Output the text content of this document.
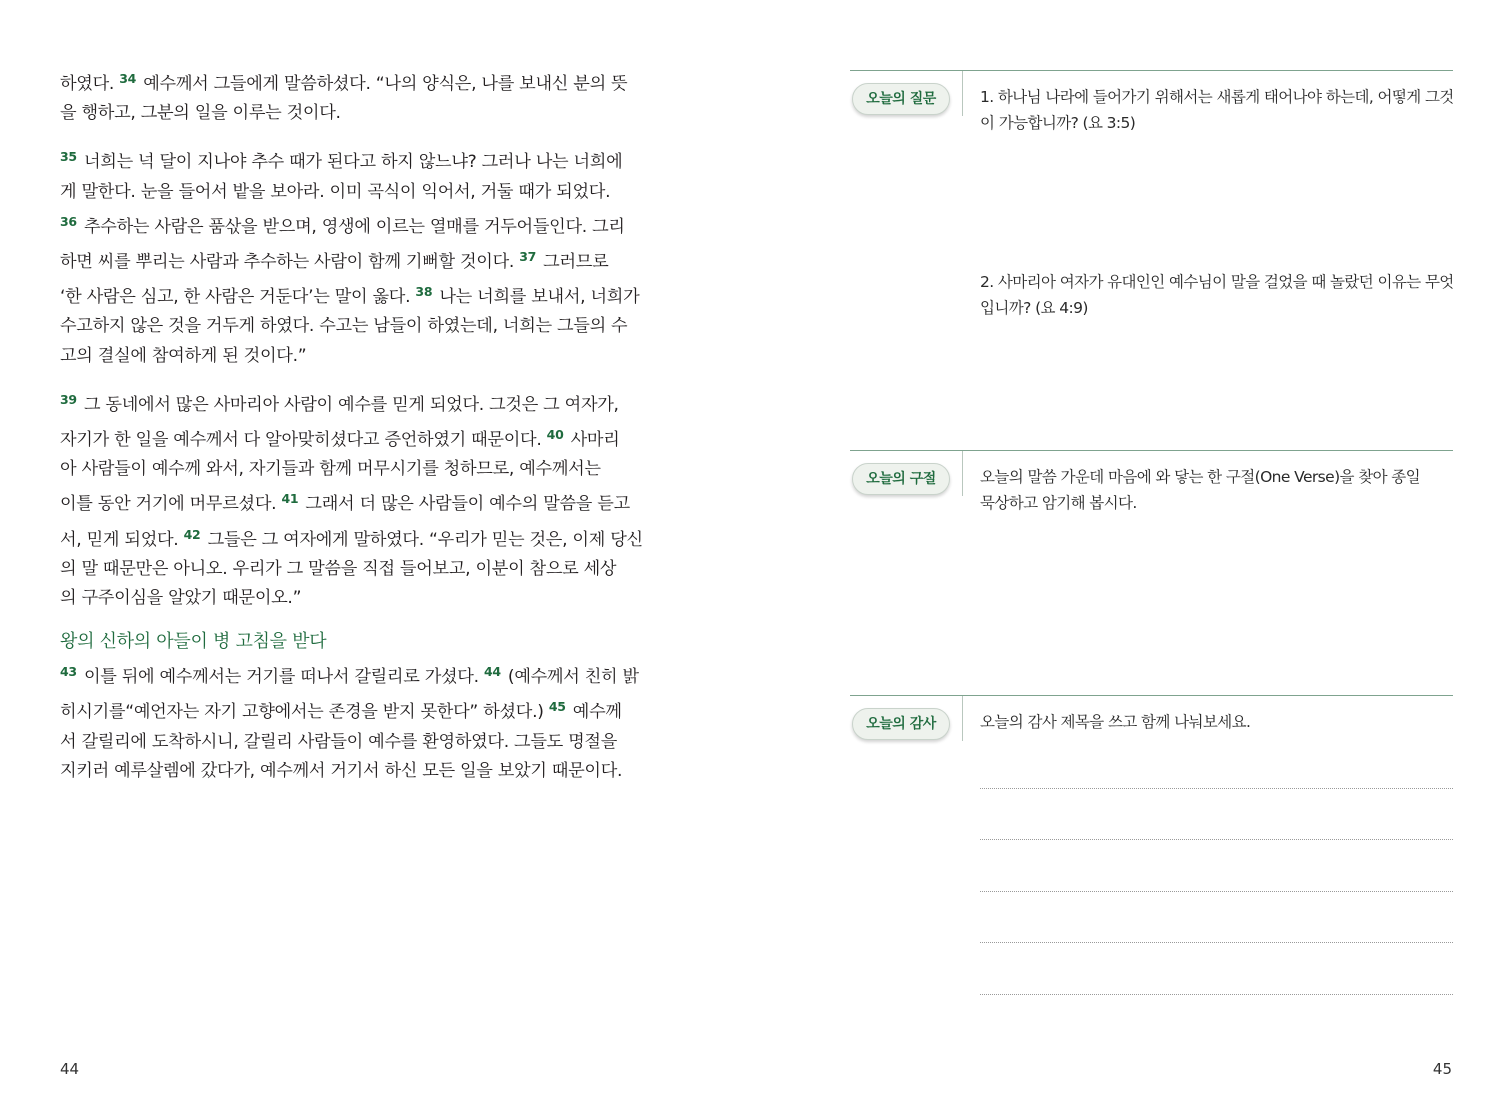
하였다. $^{34}$ 예수께서 그들에게 말씀하셨다. “나의 양식은, 나를 보내신 분의 뜻
을 행하고, 그분의 일을 이루는 것이다.
$^{35}$ 너희는 넉 달이 지나야 추수 때가 된다고 하지 않느냐? 그러나 나는 너희에
게 말한다. 눈을 들어서 밭을 보아라. 이미 곡식이 익어서, 거둘 때가 되었다.
$^{36}$ 추수하는 사람은 품삯을 받으며, 영생에 이르는 열매를 거두어들인다. 그리
하면 씨를 뿌리는 사람과 추수하는 사람이 함께 기뻐할 것이다. $^{37}$ 그러므로
‘한 사람은 심고, 한 사람은 거둔다’는 말이 옳다. $^{38}$ 나는 너희를 보내서, 너희가
수고하지 않은 것을 거두게 하였다. 수고는 남들이 하였는데, 너희는 그들의 수
고의 결실에 참여하게 된 것이다.”
$^{39}$ 그 동네에서 많은 사마리아 사람이 예수를 믿게 되었다. 그것은 그 여자가,
자기가 한 일을 예수께서 다 알아맞히셨다고 증언하였기 때문이다. $^{40}$ 사마리
아 사람들이 예수께 와서, 자기들과 함께 머무시기를 청하므로, 예수께서는
이틀 동안 거기에 머무르셨다. $^{41}$ 그래서 더 많은 사람들이 예수의 말씀을 듣고
서, 믿게 되었다. $^{42}$ 그들은 그 여자에게 말하였다. “우리가 믿는 것은, 이제 당신
의 말 때문만은 아니오. 우리가 그 말씀을 직접 들어보고, 이분이 참으로 세상
의 구주이심을 알았기 때문이오.”
왕의 신하의 아들이 병 고침을 받다
$^{43}$ 이틀 뒤에 예수께서는 거기를 떠나서 갈릴리로 가셨다. $^{44}$ (예수께서 친히 밝
히시기를“예언자는 자기 고향에서는 존경을 받지 못한다” 하셨다.) $^{45}$ 예수께
서 갈릴리에 도착하시니, 갈릴리 사람들이 예수를 환영하였다. 그들도 명절을
지키러 예루살렘에 갔다가, 예수께서 거기서 하신 모든 일을 보았기 때문이다.
44
오늘의 질문	1. 하나님 나라에 들어가기 위해서는 새롭게 태어나야 하는데, 어떻게 그것이 가능합니까? (요 3:5)
2. 사마리아 여자가 유대인인 예수님이 말을 걸었을 때 놀랐던 이유는 무엇입니까? (요 4:9)
오늘의 구절	오늘의 말씀 가운데 마음에 와 닿는 한 구절(One Verse)을 찾아 종일
묵상하고 암기해 봅시다.
오늘의 감사	오늘의 감사 제목을 쓰고 함께 나눠보세요.
45
